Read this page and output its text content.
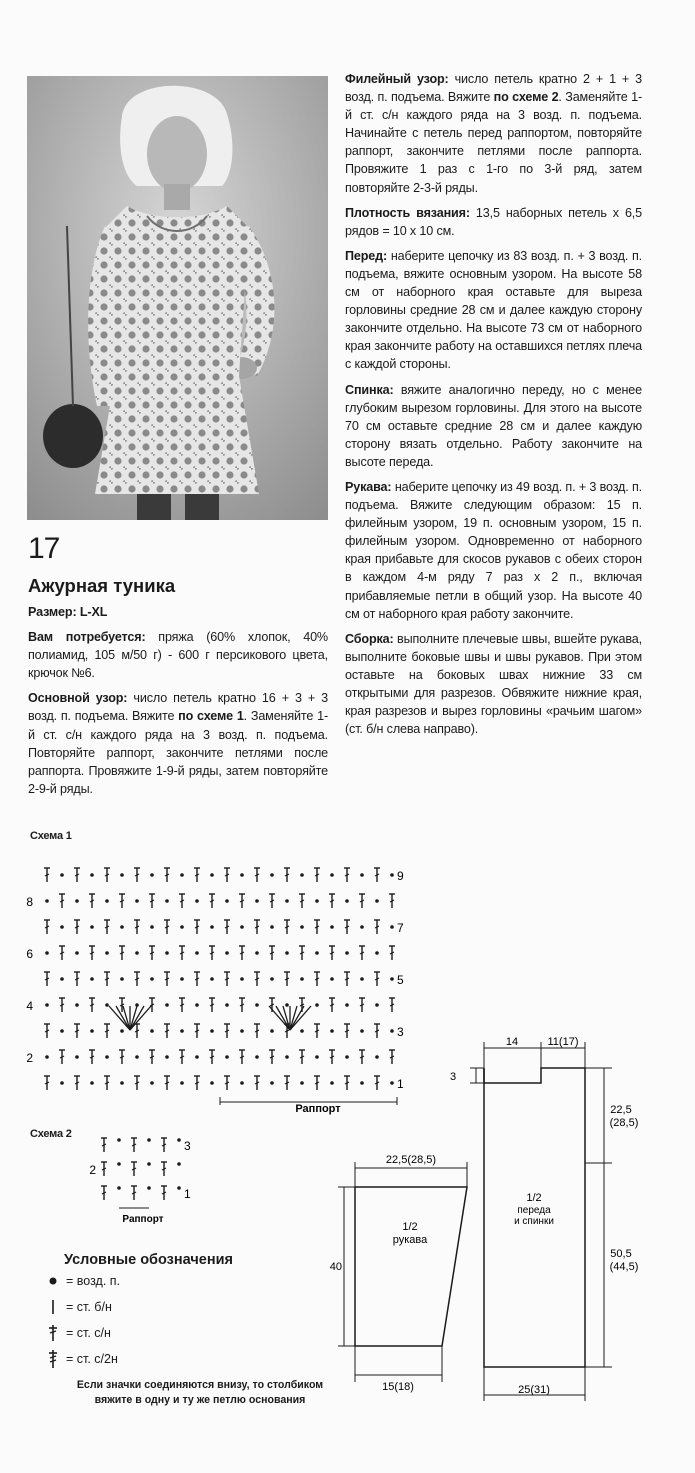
17
Ажурная туника

Размер: L-XL

Вам потребуется: пряжа (60% хлопок, 40% полиамид, 105 м/50 г) - 600 г персикового цвета, крючок №6.

Основной узор: число петель кратно 16 + 3 + 3 возд. п. подъема. Вяжите по схеме 1. Заменяйте 1-й ст. с/н каждого ряда на 3 возд. п. подъема. Повторяйте раппорт, закончите петлями после раппорта. Провяжите 1-9-й ряды, затем повторяйте 2-9-й ряды.

Филейный узор: число петель кратно 2 + 1 + 3 возд. п. подъема. Вяжите по схеме 2. Заменяйте 1-й ст. с/н каждого ряда на 3 возд. п. подъема. Начинайте с петель перед раппортом, повторяйте раппорт, закончите петлями после раппорта. Провяжите 1 раз с 1-го по 3-й ряд, затем повторяйте 2-3-й ряды.

Плотность вязания: 13,5 наборных петель х 6,5 рядов = 10 х 10 см.

Перед: наберите цепочку из 83 возд. п. + 3 возд. п. подъема, вяжите основным узором. На высоте 58 см от наборного края оставьте для выреза горловины средние 28 см и далее каждую сторону закончите отдельно. На высоте 73 см от наборного края закончите работу на оставшихся петлях плеча с каждой стороны.

Спинка: вяжите аналогично переду, но с менее глубоким вырезом горловины. Для этого на высоте 70 см оставьте средние 28 см и далее каждую сторону вязать отдельно. Работу закончите на высоте переда.

Рукава: наберите цепочку из 49 возд. п. + 3 возд. п. подъема. Вяжите следующим образом: 15 п. филейным узором, 19 п. основным узором, 15 п. филейным узором. Одновременно от наборного края прибавьте для скосов рукавов с обеих сторон в каждом 4-м ряду 7 раз х 2 п., включая прибавляемые петли в общий узор. На высоте 40 см от наборного края работу закончите.

Сборка: выполните плечевые швы, вшейте рукава, выполните боковые швы и швы рукавов. При этом оставьте на боковых швах нижние 33 см открытыми для разрезов. Обвяжите нижние края, края разрезов и вырез горловины «рачьим шагом» (ст. б/н слева направо).

Схема 1
1
2
3
4
5
6
7
8
9
Раппорт
Схема 2
1
2
3
Раппорт
Условные обозначения
= возд. п.
= ст. б/н
= ст. с/н
= ст. с/2н
Если значки соединяются внизу, то столбиком вяжите в одну и ту же петлю основания
22,5(28,5)
40
15(18)
1/2
рукава
14	11(17)
3
22,5
(28,5)
50,5
(44,5)
25(31)
1/2
переда
и спинки
